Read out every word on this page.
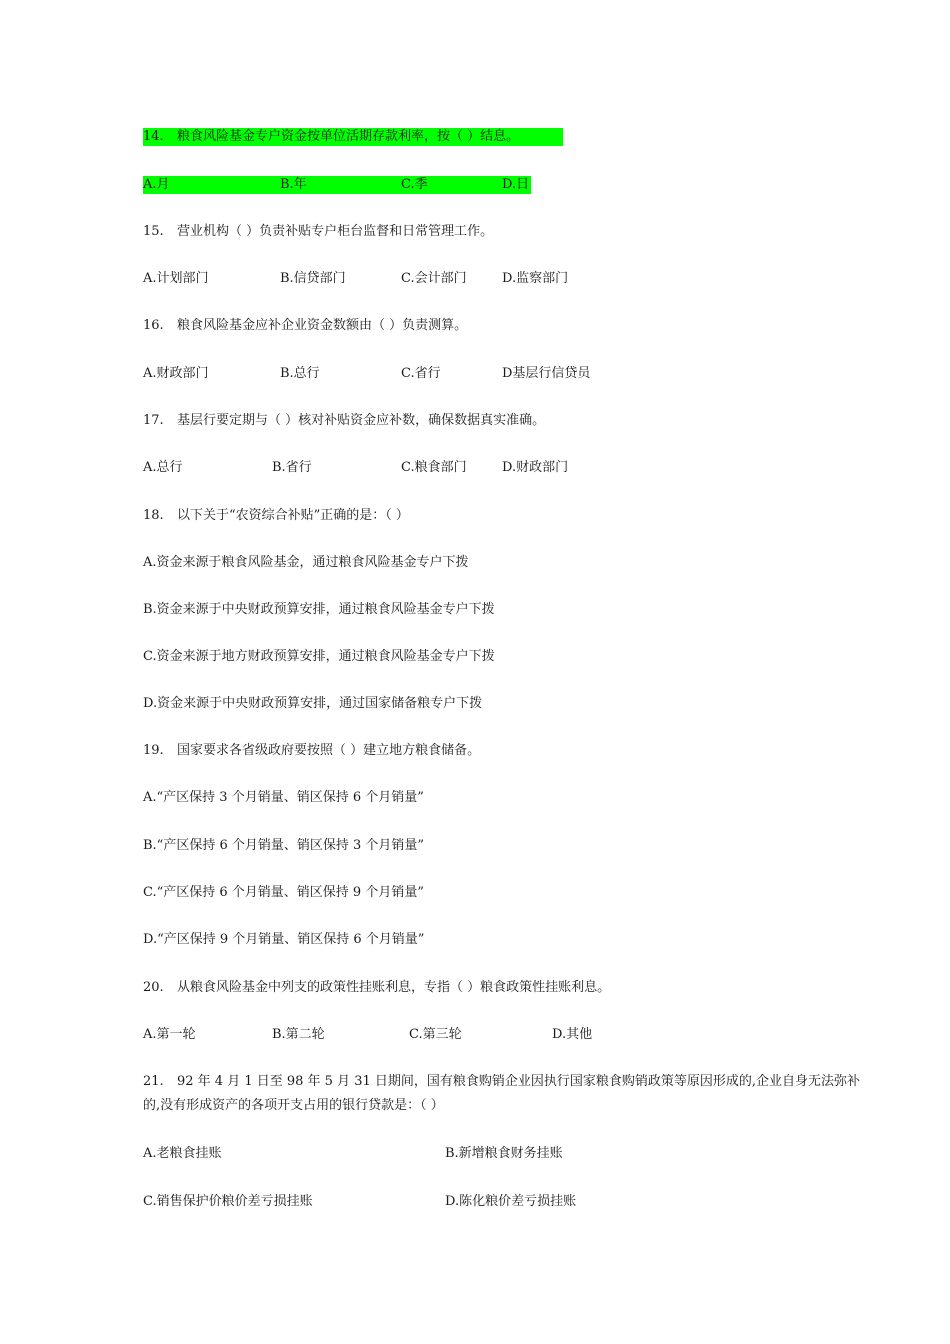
14. 粮食风险基金专户资金按单位活期存款利率，按（ ）结息。
A.月	B.年	C.季	D.日
15. 营业机构（ ）负责补贴专户柜台监督和日常管理工作。
A.计划部门	B.信贷部门	C.会计部门	D.监察部门
16. 粮食风险基金应补企业资金数额由（ ）负责测算。
A.财政部门	B.总行	C.省行	D基层行信贷员
17. 基层行要定期与（ ）核对补贴资金应补数，确保数据真实准确。
A.总行	B.省行	C.粮食部门	D.财政部门
18. 以下关于“农资综合补贴”正确的是：（ ）
A.资金来源于粮食风险基金，通过粮食风险基金专户下拨
B.资金来源于中央财政预算安排，通过粮食风险基金专户下拨
C.资金来源于地方财政预算安排，通过粮食风险基金专户下拨
D.资金来源于中央财政预算安排，通过国家储备粮专户下拨
19. 国家要求各省级政府要按照（ ）建立地方粮食储备。
A.“产区保持 3 个月销量、销区保持 6 个月销量”
B.“产区保持 6 个月销量、销区保持 3 个月销量”
C.“产区保持 6 个月销量、销区保持 9 个月销量”
D.“产区保持 9 个月销量、销区保持 6 个月销量”
20. 从粮食风险基金中列支的政策性挂账利息，专指（ ）粮食政策性挂账利息。
A.第一轮	B.第二轮	C.第三轮	D.其他
21. 92 年 4 月 1 日至 98 年 5 月 31 日期间，国有粮食购销企业因执行国家粮食购销政策等原因形成的,企业自身无法弥补的,没有形成资产的各项开支占用的银行贷款是：（ ）
A.老粮食挂账	B.新增粮食财务挂账
C.销售保护价粮价差亏损挂账	D.陈化粮价差亏损挂账
